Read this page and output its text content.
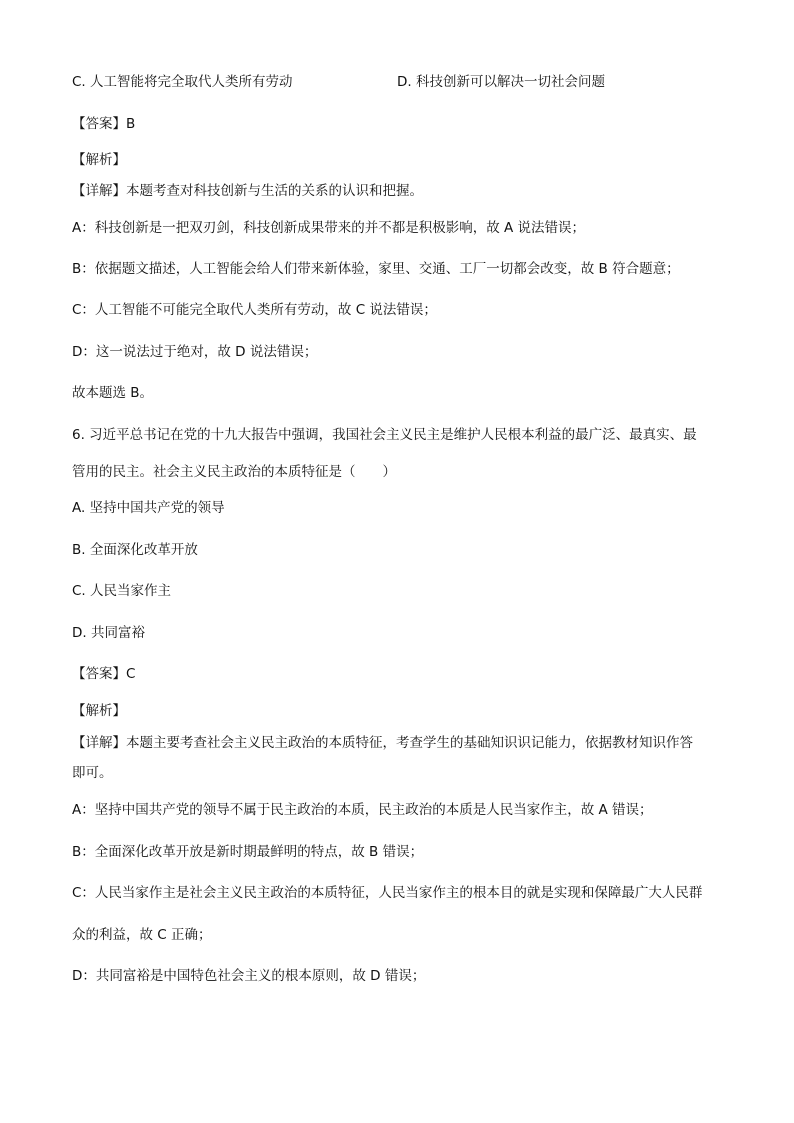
C. 人工智能将完全取代人类所有劳动	D. 科技创新可以解决一切社会问题
【答案】B
【解析】
【详解】本题考查对科技创新与生活的关系的认识和把握。
A：科技创新是一把双刃剑，科技创新成果带来的并不都是积极影响，故 A 说法错误；
B：依据题文描述，人工智能会给人们带来新体验，家里、交通、工厂一切都会改变，故 B 符合题意；
C：人工智能不可能完全取代人类所有劳动，故 C 说法错误；
D：这一说法过于绝对，故 D 说法错误；
故本题选 B。
6. 习近平总书记在党的十九大报告中强调，我国社会主义民主是维护人民根本利益的最广泛、最真实、最
管用的民主。社会主义民主政治的本质特征是（　　）
A. 坚持中国共产党的领导
B. 全面深化改革开放
C. 人民当家作主
D. 共同富裕
【答案】C
【解析】
【详解】本题主要考查社会主义民主政治的本质特征，考查学生的基础知识识记能力，依据教材知识作答
即可。
A：坚持中国共产党的领导不属于民主政治的本质，民主政治的本质是人民当家作主，故 A 错误；
B：全面深化改革开放是新时期最鲜明的特点，故 B 错误；
C：人民当家作主是社会主义民主政治的本质特征，人民当家作主的根本目的就是实现和保障最广大人民群
众的利益，故 C 正确；
D：共同富裕是中国特色社会主义的根本原则，故 D 错误；
